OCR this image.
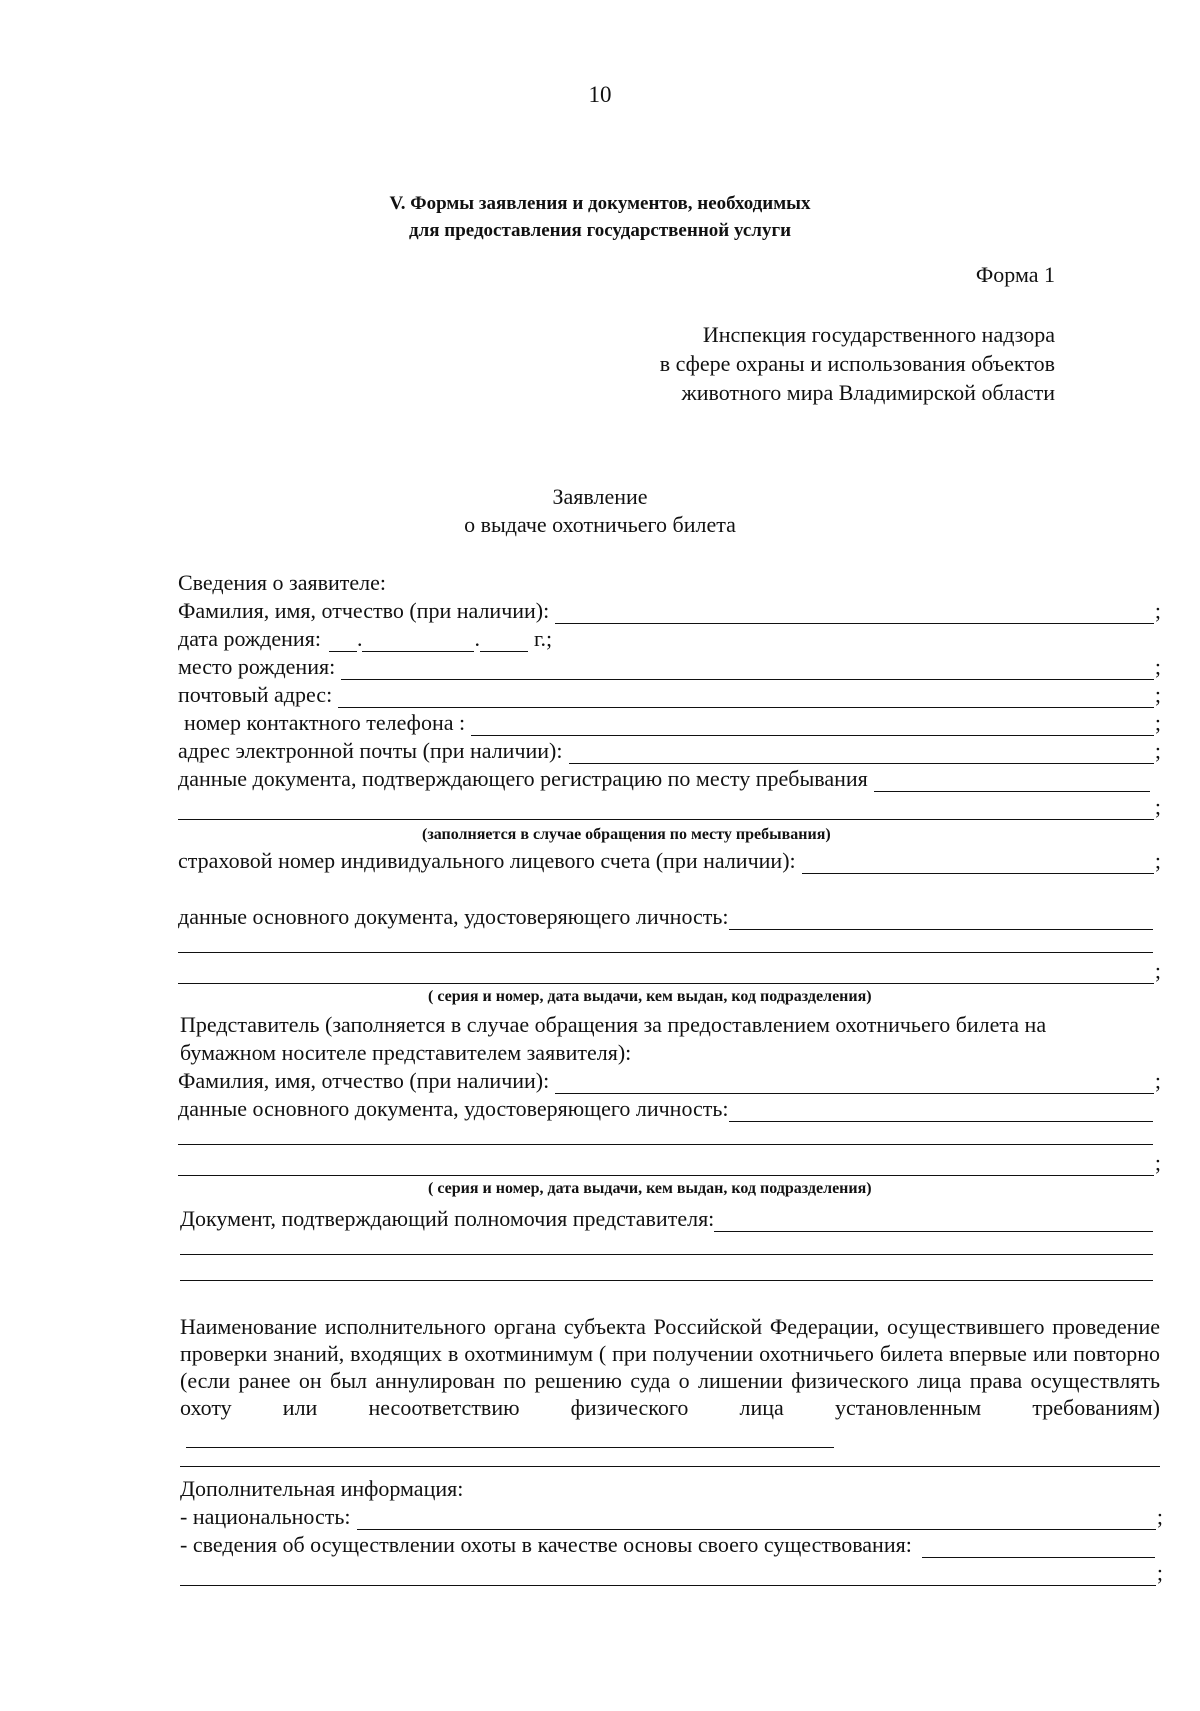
10

V. Формы заявления и документов, необходимых
для предоставления государственной услуги

Форма 1

Инспекция государственного надзора
в сфере охраны и использования объектов
животного мира Владимирской области
Заявление
о выдаче охотничьего билета
Сведения о заявителе:
Фамилия, имя, отчество (при наличии):	;
дата рождения: .	. г.;
место рождения:	;
почтовый адрес:	;
номер контактного телефона :	;
адрес электронной почты (при наличии):	;
данные документа, подтверждающего регистрацию по месту пребывания
;
(заполняется в случае обращения по месту пребывания)
страховой номер индивидуального лицевого счета (при наличии):	;
данные основного документа, удостоверяющего личность:
;
( серия и номер, дата выдачи, кем выдан, код подразделения)
Представитель (заполняется в случае обращения за предоставлением охотничьего билета на
бумажном носителе представителем заявителя):
Фамилия, имя, отчество (при наличии):	;
данные основного документа, удостоверяющего личность:
;
( серия и номер, дата выдачи, кем выдан, код подразделения)
Документ, подтверждающий полномочия представителя:
Наименование исполнительного органа субъекта Российской Федерации, осуществившего проведение проверки знаний, входящих в охотминимум ( при получении охотничьего билета впервые или повторно (если ранее он был аннулирован по решению суда о лишении физического лица права осуществлять охоту или несоответствию физического лица установленным требованиям)
Дополнительная информация:
- национальность:	;
- сведения об осуществлении охоты в качестве основы своего существования:
;
